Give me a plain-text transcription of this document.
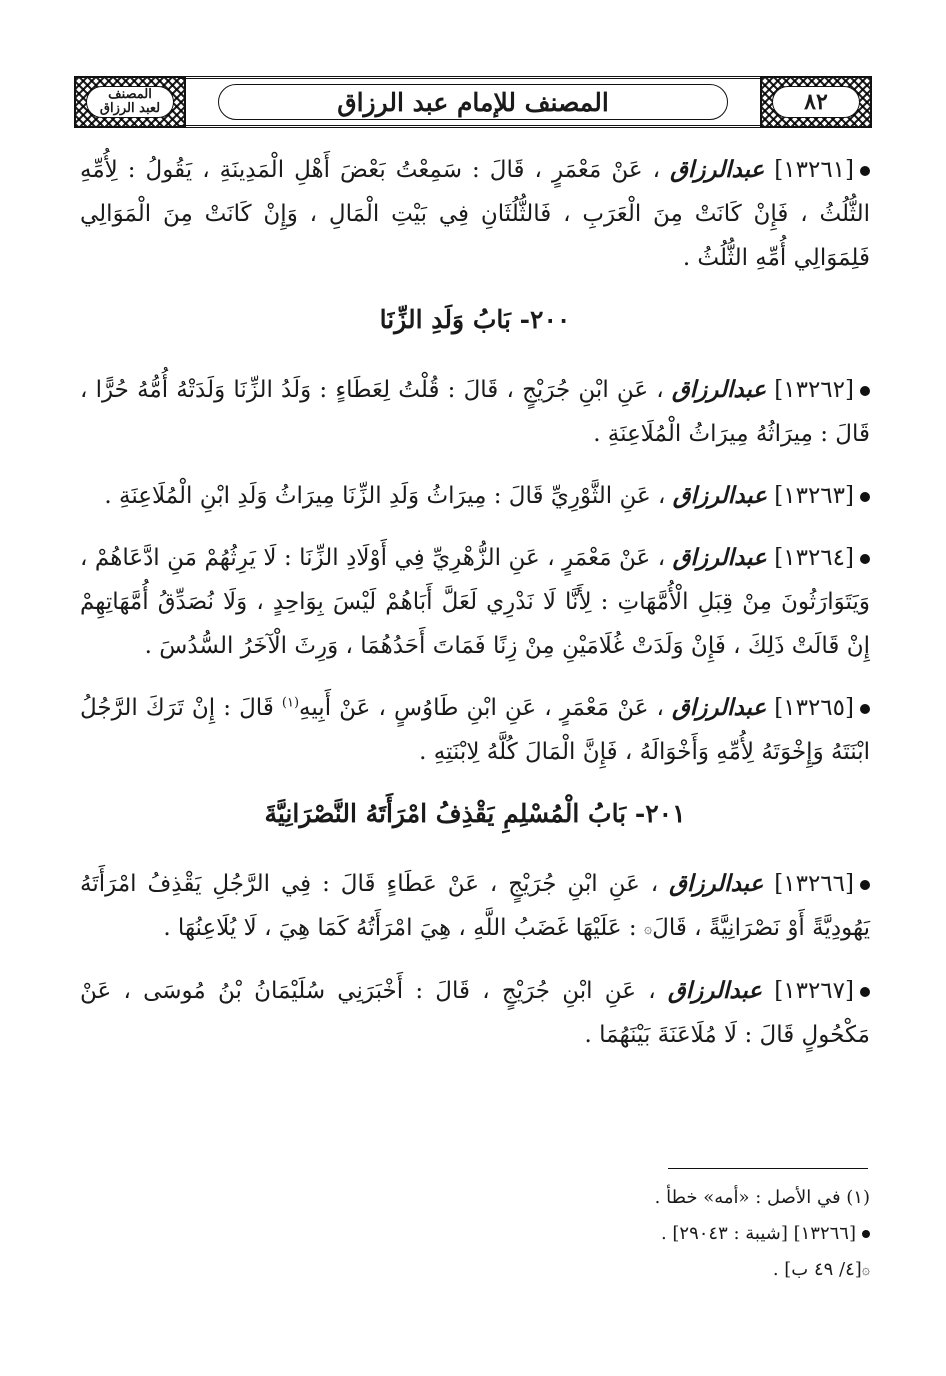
المصنف
لعبد الرزاق	المصنف للإمام عبد الرزاق	٨٢

[١٣٢٦١] عبدالرزاق ، عَنْ مَعْمَرٍ ، قَالَ : سَمِعْتُ بَعْضَ أَهْلِ الْمَدِينَةِ ، يَقُولُ : لِأُمِّهِ الثُّلُثُ ، فَإِنْ كَانَتْ مِنَ الْعَرَبِ ، فَالثُّلُثَانِ فِي بَيْتِ الْمَالِ ، وَإِنْ كَانَتْ مِنَ الْمَوَالِي فَلِمَوَالِي أُمِّهِ الثُّلُثُ .

٢٠٠- بَابُ وَلَدِ الزِّنَا

[١٣٢٦٢] عبدالرزاق ، عَنِ ابْنِ جُرَيْجٍ ، قَالَ : قُلْتُ لِعَطَاءٍ : وَلَدُ الزِّنَا وَلَدَتْهُ أُمُّهُ حُرًّا ، قَالَ : مِيرَاثُهُ مِيرَاثُ الْمُلَاعِنَةِ .

[١٣٢٦٣] عبدالرزاق ، عَنِ الثَّوْرِيِّ قَالَ : مِيرَاثُ وَلَدِ الزِّنَا مِيرَاثُ وَلَدِ ابْنِ الْمُلَاعِنَةِ .

[١٣٢٦٤] عبدالرزاق ، عَنْ مَعْمَرٍ ، عَنِ الزُّهْرِيِّ فِي أَوْلَادِ الزِّنَا : لَا يَرِثُهُمْ مَنِ ادَّعَاهُمْ ، وَيَتَوَارَثُونَ مِنْ قِبَلِ الْأُمَّهَاتِ : لِأَنَّا لَا نَدْرِي لَعَلَّ أَبَاهُمْ لَيْسَ بِوَاحِدٍ ، وَلَا نُصَدِّقُ أُمَّهَاتِهِمْ إِنْ قَالَتْ ذَلِكَ ، فَإِنْ وَلَدَتْ غُلَامَيْنِ مِنْ زِنًا فَمَاتَ أَحَدُهُمَا ، وَرِثَ الْآخَرُ السُّدُسَ .

[١٣٢٦٥] عبدالرزاق ، عَنْ مَعْمَرٍ ، عَنِ ابْنِ طَاوُسٍ ، عَنْ أَبِيهِ$^{(١)}$ قَالَ : إِنْ تَرَكَ الرَّجُلُ ابْنَتَهُ وَإِخْوَتَهُ لِأُمِّهِ وَأَخْوَالَهُ ، فَإِنَّ الْمَالَ كُلَّهُ لِابْنَتِهِ .

٢٠١- بَابُ الْمُسْلِمِ يَقْذِفُ امْرَأَتَهُ النَّصْرَانِيَّةَ

[١٣٢٦٦] عبدالرزاق ، عَنِ ابْنِ جُرَيْجٍ ، عَنْ عَطَاءٍ قَالَ : فِي الرَّجُلِ يَقْذِفُ امْرَأَتَهُ يَهُودِيَّةً أَوْ نَصْرَانِيَّةً ، قَالَ۞ : عَلَيْهَا غَضَبُ اللَّهِ ، هِيَ امْرَأَتُهُ كَمَا هِيَ ، لَا يُلَاعِنُهَا .

[١٣٢٦٧] عبدالرزاق ، عَنِ ابْنِ جُرَيْجٍ ، قَالَ : أَخْبَرَنِي سُلَيْمَانُ بْنُ مُوسَى ، عَنْ مَكْحُولٍ قَالَ : لَا مُلَاعَنَةَ بَيْنَهُمَا .

(١) في الأصل : «أمه» خطأ .
[١٣٢٦٦] [شيبة : ٢٩٠٤٣] .
۞[٤/ ٤٩ ب] .
